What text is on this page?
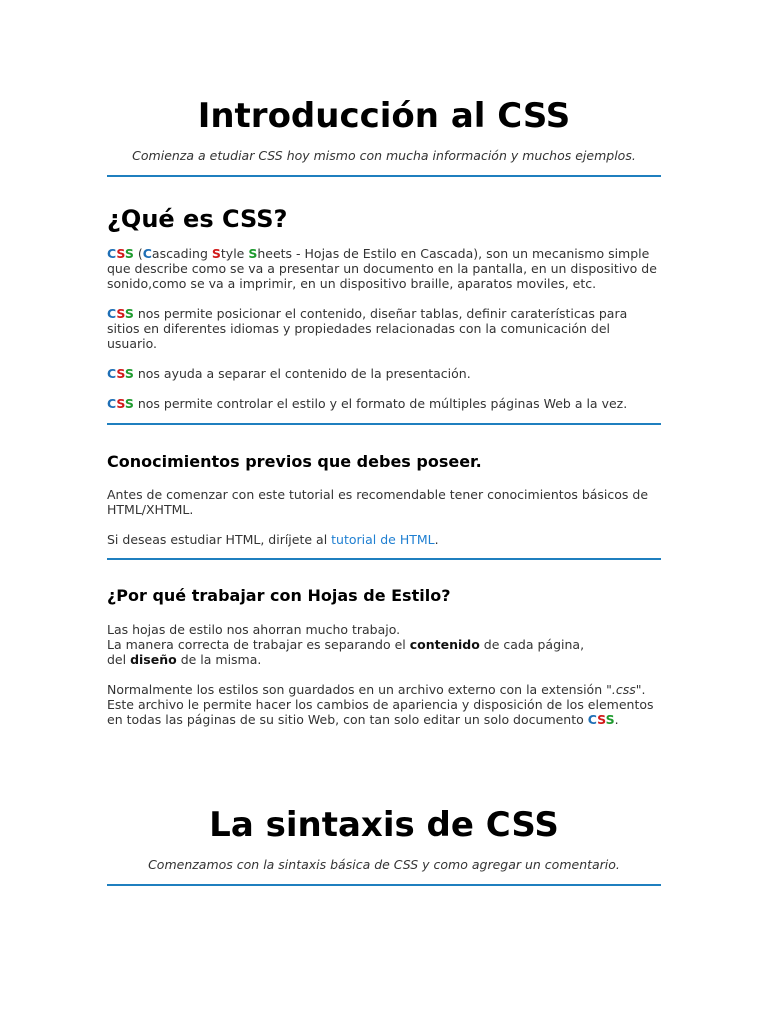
Introducción al CSS

Comienza a etudiar CSS hoy mismo con mucha información y muchos ejemplos.

¿Qué es CSS?

CSS (Cascading Style Sheets - Hojas de Estilo en Cascada), son un mecanismo simple
que describe como se va a presentar un documento en la pantalla, en un dispositivo de
sonido,como se va a imprimir, en un dispositivo braille, aparatos moviles, etc.

CSS nos permite posicionar el contenido, diseñar tablas, definir caraterísticas para
sitios en diferentes idiomas y propiedades relacionadas con la comunicación del
usuario.

CSS nos ayuda a separar el contenido de la presentación.

CSS nos permite controlar el estilo y el formato de múltiples páginas Web a la vez.

Conocimientos previos que debes poseer.

Antes de comenzar con este tutorial es recomendable tener conocimientos básicos de
HTML/XHTML.

Si deseas estudiar HTML, diríjete al tutorial de HTML.

¿Por qué trabajar con Hojas de Estilo?

Las hojas de estilo nos ahorran mucho trabajo.
La manera correcta de trabajar es separando el contenido de cada página,
del diseño de la misma.

Normalmente los estilos son guardados en un archivo externo con la extensión ".css".
Este archivo le permite hacer los cambios de apariencia y disposición de los elementos
en todas las páginas de su sitio Web, con tan solo editar un solo documento CSS.

La sintaxis de CSS

Comenzamos con la sintaxis básica de CSS y como agregar un comentario.
